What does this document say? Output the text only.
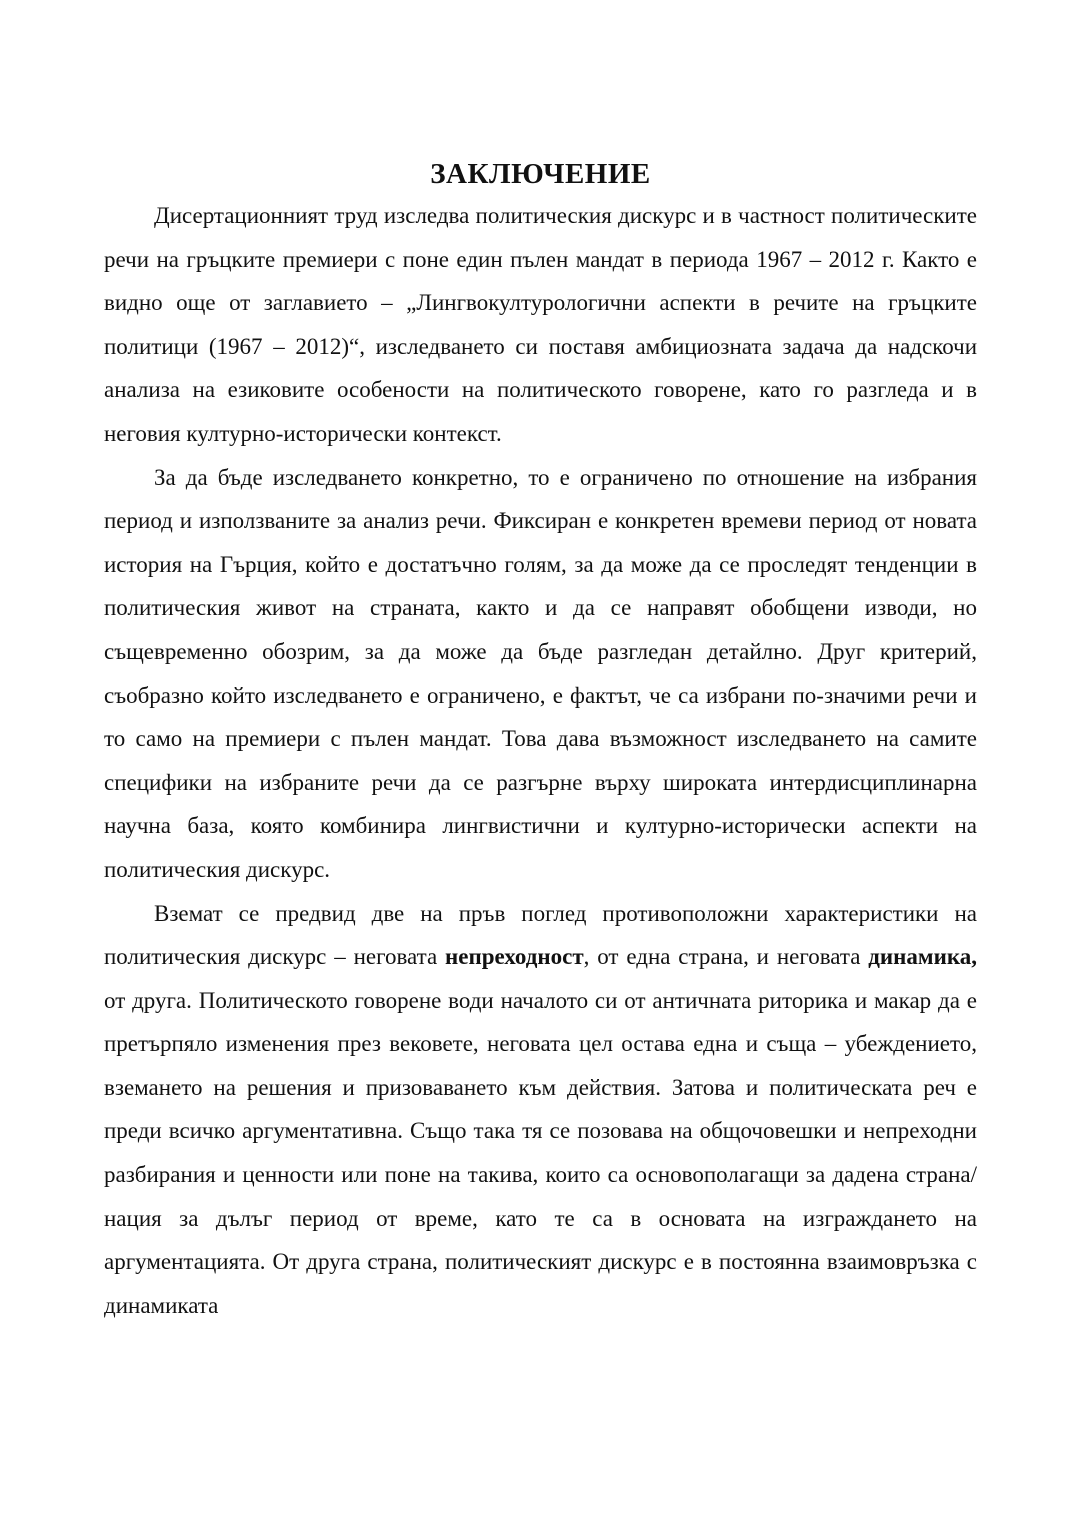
ЗАКЛЮЧЕНИЕ

Дисертационният труд изследва политическия дискурс и в частност политическите речи на гръцките премиери с поне един пълен мандат в периода 1967 – 2012 г. Както е видно още от заглавието – „Лингвокултурологични аспекти в речите на гръцките политици (1967 – 2012)“, изследването си поставя амбициозната задача да надскочи анализа на езиковите особености на политическото говорене, като го разгледа и в неговия културно-исторически контекст.

За да бъде изследването конкретно, то е ограничено по отношение на избрания период и използваните за анализ речи. Фиксиран е конкретен времеви период от новата история на Гърция, който е достатъчно голям, за да може да се проследят тенденции в политическия живот на страната, както и да се направят обобщени изводи, но същевременно обозрим, за да може да бъде разгледан детайлно. Друг критерий, съобразно който изследването е ограничено, е фактът, че са избрани по-значими речи и то само на премиери с пълен мандат. Това дава възможност изследването на самите специфики на избраните речи да се разгърне върху широката интердисциплинарна научна база, която комбинира лингвистични и културно-исторически аспекти на политическия дискурс.

Вземат се предвид две на пръв поглед противоположни характеристики на политическия дискурс – неговата непреходност, от една страна, и неговата динамика, от друга. Политическото говорене води началото си от античната риторика и макар да е претърпяло изменения през вековете, неговата цел остава една и съща – убеждението, вземането на решения и призоваването към действия. Затова и политическата реч е преди всичко аргументативна. Също така тя се позовава на общочовешки и непреходни разбирания и ценности или поне на такива, които са основополагащи за дадена страна/нация за дълъг период от време, като те са в основата на изграждането на аргументацията. От друга страна, политическият дискурс е в постоянна взаимовръзка с динамиката
